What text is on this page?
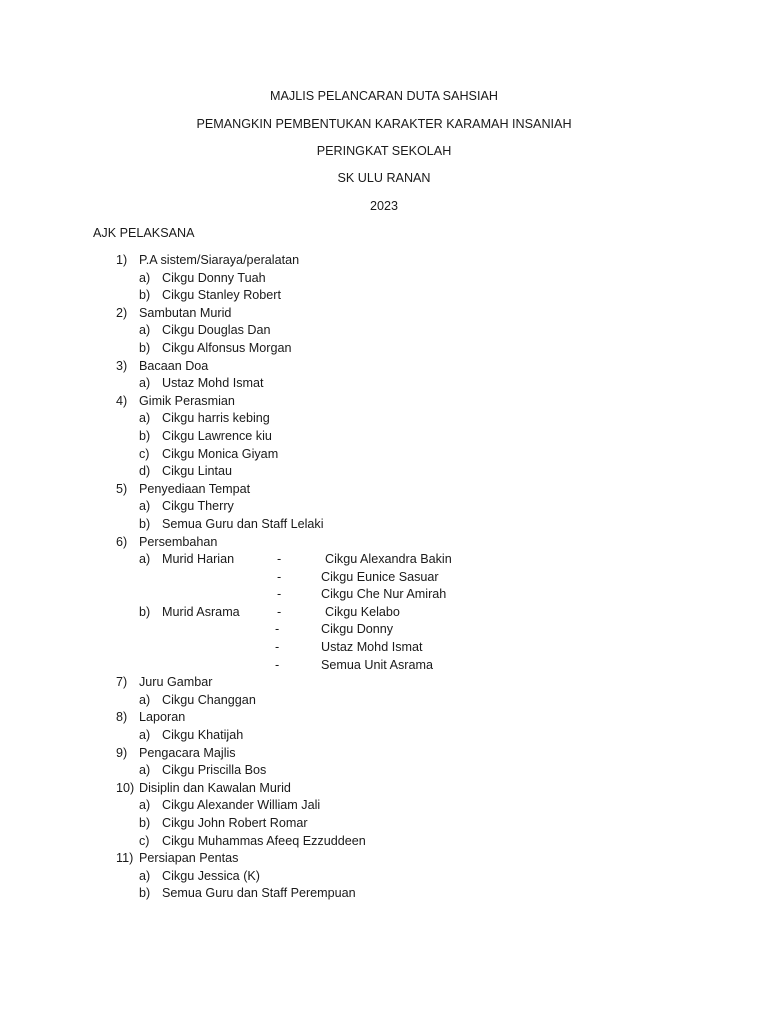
MAJLIS PELANCARAN DUTA SAHSIAH
PEMANGKIN PEMBENTUKAN KARAKTER KARAMAH INSANIAH
PERINGKAT SEKOLAH
SK ULU RANAN
2023
AJK PELAKSANA
1) P.A sistem/Siaraya/peralatan
a) Cikgu Donny Tuah
b) Cikgu Stanley Robert
2) Sambutan Murid
a) Cikgu Douglas Dan
b) Cikgu Alfonsus Morgan
3) Bacaan Doa
a) Ustaz Mohd Ismat
4) Gimik Perasmian
a) Cikgu harris kebing
b) Cikgu Lawrence kiu
c) Cikgu Monica Giyam
d) Cikgu Lintau
5) Penyediaan Tempat
a) Cikgu Therry
b) Semua Guru dan Staff Lelaki
6) Persembahan
a) Murid Harian	-	Cikgu Alexandra Bakin
-	Cikgu Eunice Sasuar
-	Cikgu Che Nur Amirah
b) Murid Asrama	-	Cikgu Kelabo
-	Cikgu Donny
-	Ustaz Mohd Ismat
-	Semua Unit Asrama
7) Juru Gambar
a) Cikgu Changgan
8) Laporan
a) Cikgu Khatijah
9) Pengacara Majlis
a) Cikgu Priscilla Bos
10) Disiplin dan Kawalan Murid
a) Cikgu Alexander William Jali
b) Cikgu John Robert Romar
c) Cikgu Muhammas Afeeq Ezzuddeen
11) Persiapan Pentas
a) Cikgu Jessica (K)
b) Semua Guru dan Staff Perempuan
